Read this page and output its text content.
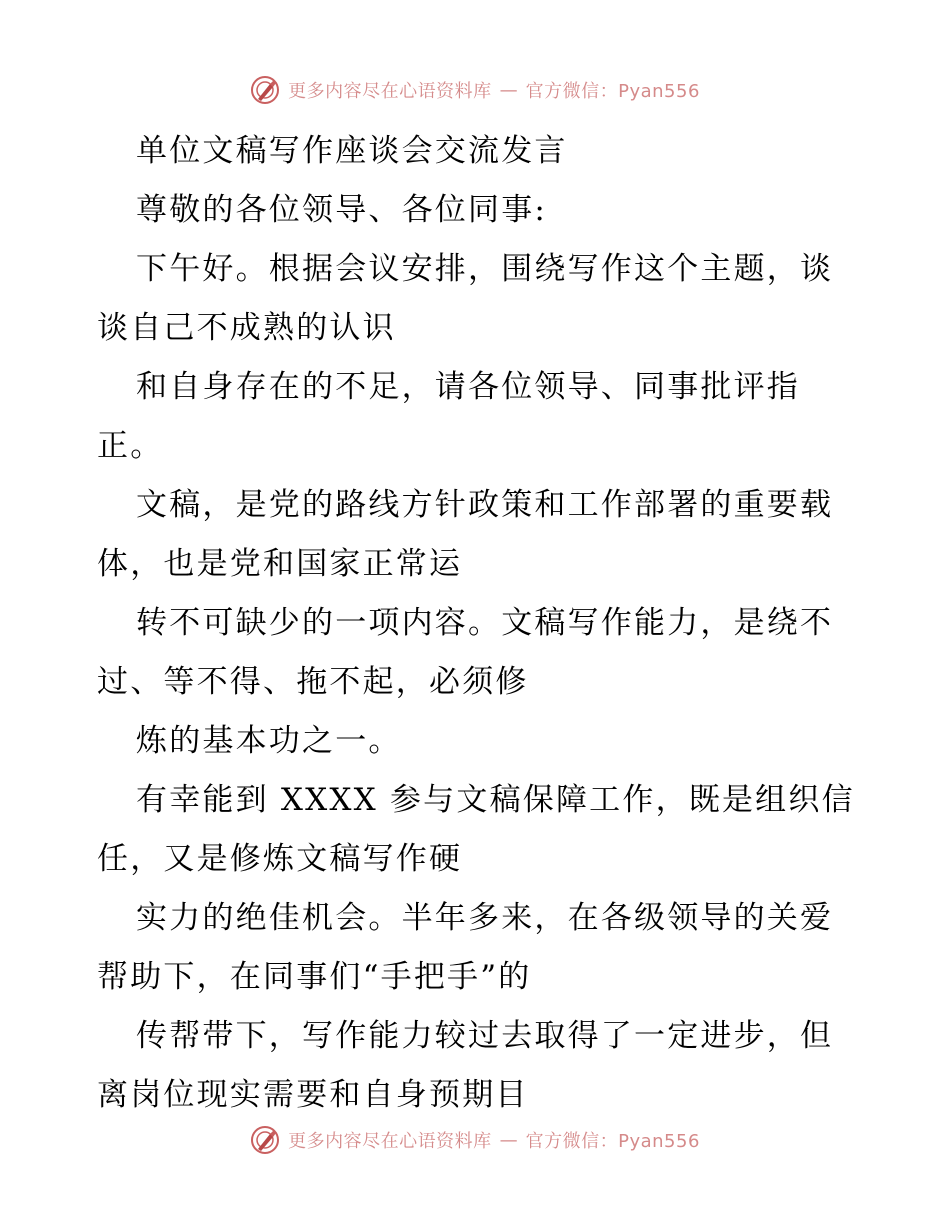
更多内容尽在心语资料库 — 官方微信：Pyan556
单位文稿写作座谈会交流发言
尊敬的各位领导、各位同事:
下午好。根据会议安排，围绕写作这个主题，谈
谈自己不成熟的认识
和自身存在的不足，请各位领导、同事批评指
正。
文稿，是党的路线方针政策和工作部署的重要载
体，也是党和国家正常运
转不可缺少的一项内容。文稿写作能力，是绕不
过、等不得、拖不起，必须修
炼的基本功之一。
有幸能到 XXXX 参与文稿保障工作，既是组织信
任，又是修炼文稿写作硬
实力的绝佳机会。半年多来，在各级领导的关爱
帮助下，在同事们“手把手”的
传帮带下，写作能力较过去取得了一定进步，但
离岗位现实需要和自身预期目
更多内容尽在心语资料库 — 官方微信：Pyan556
